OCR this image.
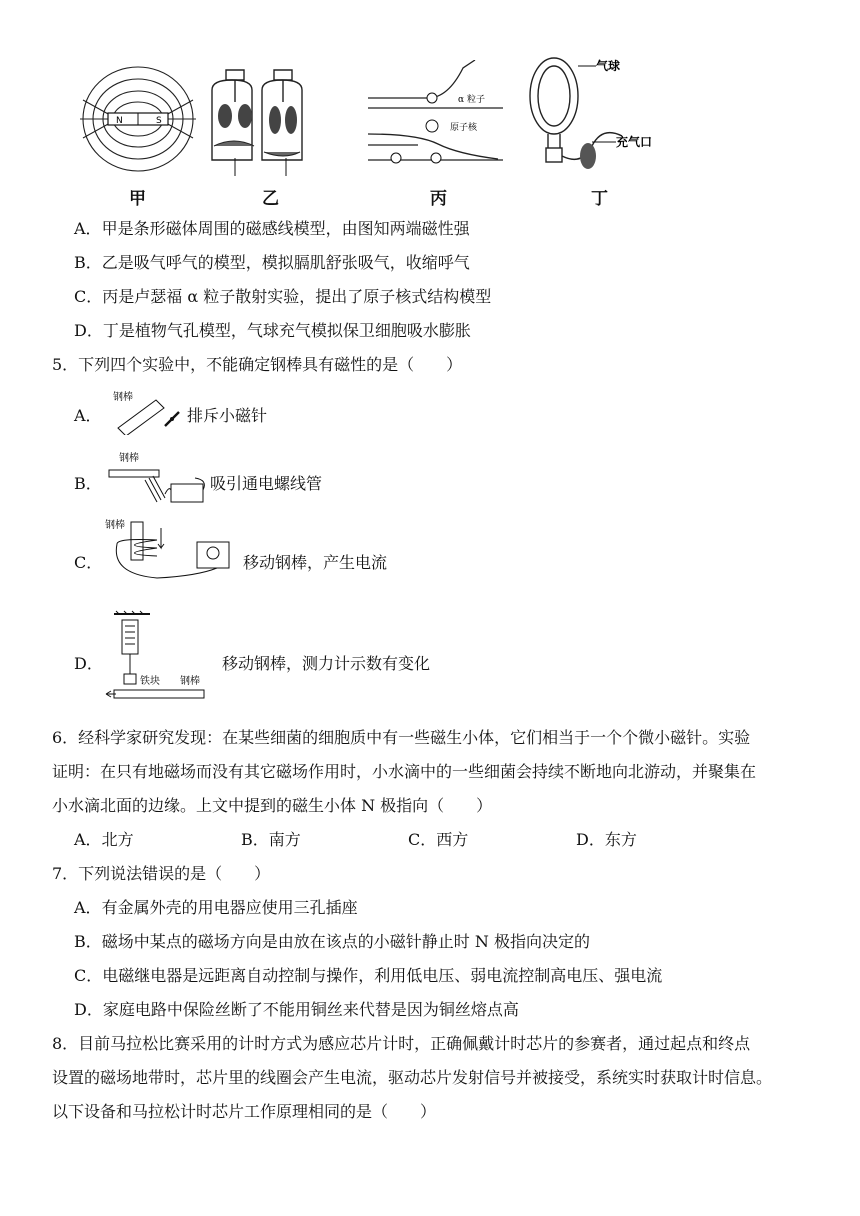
N	S
甲	乙
α 粒子
原子核
丙
气球
充气口
丁
A．甲是条形磁体周围的磁感线模型，由图知两端磁性强
B．乙是吸气呼气的模型，模拟膈肌舒张吸气，收缩呼气
C．丙是卢瑟福 α 粒子散射实验，提出了原子核式结构模型
D．丁是植物气孔模型，气球充气模拟保卫细胞吸水膨胀
5．下列四个实验中，不能确定钢棒具有磁性的是（　　）
A．
钢棒
排斥小磁针
B．
钢棒
吸引通电螺线管
C．
钢棒
移动钢棒，产生电流
D．
铁块 钢棒
移动钢棒，测力计示数有变化
6．经科学家研究发现：在某些细菌的细胞质中有一些磁生小体，它们相当于一个个微小磁针。实验
证明：在只有地磁场而没有其它磁场作用时，小水滴中的一些细菌会持续不断地向北游动，并聚集在
小水滴北面的边缘。上文中提到的磁生小体 N 极指向（　　）
A．北方	B．南方	C．西方	D．东方
7．下列说法错误的是（　　）
A．有金属外壳的用电器应使用三孔插座
B．磁场中某点的磁场方向是由放在该点的小磁针静止时 N 极指向决定的
C．电磁继电器是远距离自动控制与操作，利用低电压、弱电流控制高电压、强电流
D．家庭电路中保险丝断了不能用铜丝来代替是因为铜丝熔点高
8．目前马拉松比赛采用的计时方式为感应芯片计时，正确佩戴计时芯片的参赛者，通过起点和终点
设置的磁场地带时，芯片里的线圈会产生电流，驱动芯片发射信号并被接受，系统实时获取计时信息。
以下设备和马拉松计时芯片工作原理相同的是（　　）
